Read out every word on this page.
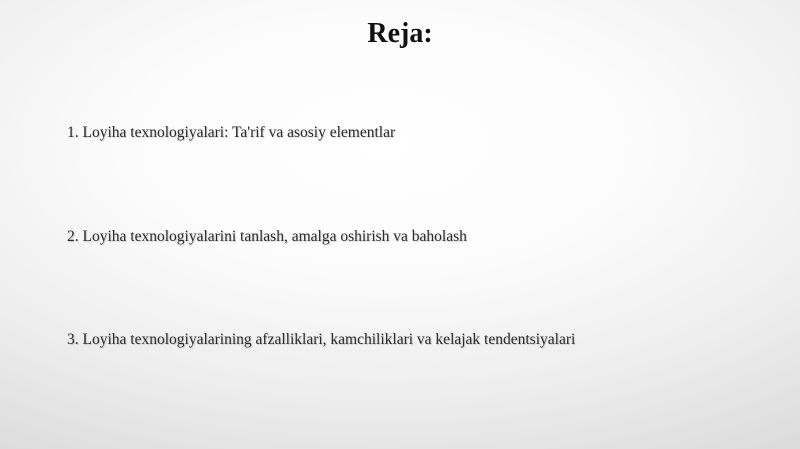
Reja:
1. Loyiha texnologiyalari: Ta'rif va asosiy elementlar
2. Loyiha texnologiyalarini tanlash, amalga oshirish va baholash
3. Loyiha texnologiyalarining afzalliklari, kamchiliklari va kelajak tendentsiyalari
